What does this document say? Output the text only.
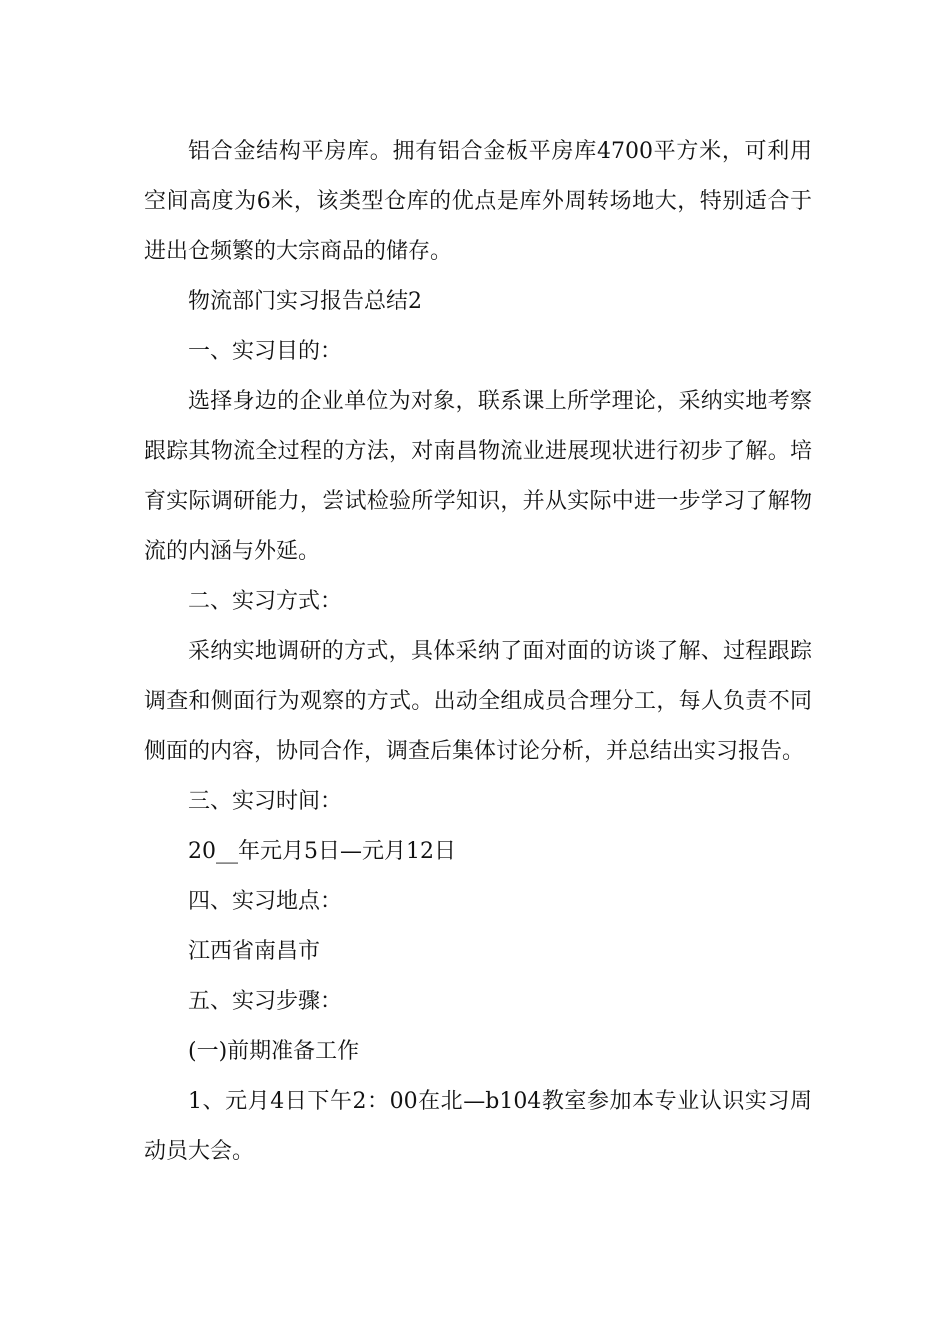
铝合金结构平房库。拥有铝合金板平房库4700平方米，可利用空间高度为6米，该类型仓库的优点是库外周转场地大，特别适合于进出仓频繁的大宗商品的储存。

物流部门实习报告总结2

一、实习目的：

选择身边的企业单位为对象，联系课上所学理论，采纳实地考察跟踪其物流全过程的方法，对南昌物流业进展现状进行初步了解。培育实际调研能力，尝试检验所学知识，并从实际中进一步学习了解物流的内涵与外延。

二、实习方式：

采纳实地调研的方式，具体采纳了面对面的访谈了解、过程跟踪调查和侧面行为观察的方式。出动全组成员合理分工，每人负责不同侧面的内容，协同合作，调查后集体讨论分析，并总结出实习报告。

三、实习时间：

20__年元月5日—元月12日

四、实习地点：

江西省南昌市

五、实习步骤：

(一)前期准备工作

1、元月4日下午2：00在北—b104教室参加本专业认识实习周动员大会。
